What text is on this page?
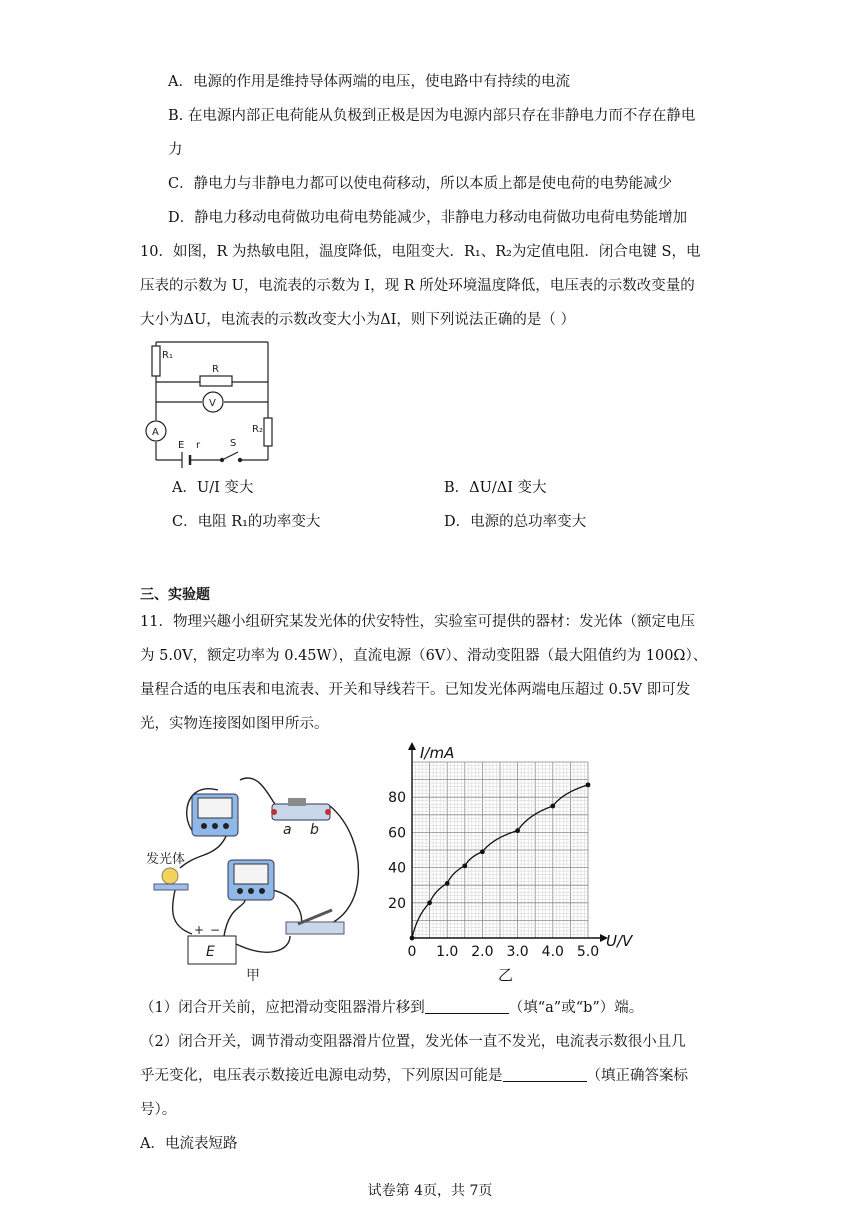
A．电源的作用是维持导体两端的电压，使电路中有持续的电流
B. 在电源内部正电荷能从负极到正极是因为电源内部只存在非静电力而不存在静电
力
C．静电力与非静电力都可以使电荷移动，所以本质上都是使电荷的电势能减少
D．静电力移动电荷做功电荷电势能减少，非静电力移动电荷做功电荷电势能增加
10．如图，R 为热敏电阻，温度降低，电阻变大．R₁、R₂为定值电阻．闭合电键 S，电
压表的示数为 U，电流表的示数为 I，现 R 所处环境温度降低，电压表的示数改变量的
大小为ΔU，电流表的示数改变大小为ΔI，则下列说法正确的是（ ）
R₁
R
V
A	R₂
E r	S
A．U/I 变大	B．ΔU/ΔI 变大
C．电阻 R₁的功率变大	D．电源的总功率变大
三、实验题
11．物理兴趣小组研究某发光体的伏安特性，实验室可提供的器材：发光体（额定电压
为 5.0V，额定功率为 0.45W），直流电源（6V）、滑动变阻器（最大阻值约为 100Ω）、
量程合适的电压表和电流表、开关和导线若干。已知发光体两端电压超过 0.5V 即可发
光，实物连接图如图甲所示。
a b
发光体
+ −
E
甲
0 1.0 2.0 3.0 4.0 5.0
20
40
60
80
I/mA
U/V
乙
（1）闭合开关前，应把滑动变阻器滑片移到	（填“a”或“b”）端。
（2）闭合开关，调节滑动变阻器滑片位置，发光体一直不发光，电流表示数很小且几
乎无变化，电压表示数接近电源电动势，下列原因可能是	（填正确答案标
号）。
A．电流表短路
试卷第 4页，共 7页
